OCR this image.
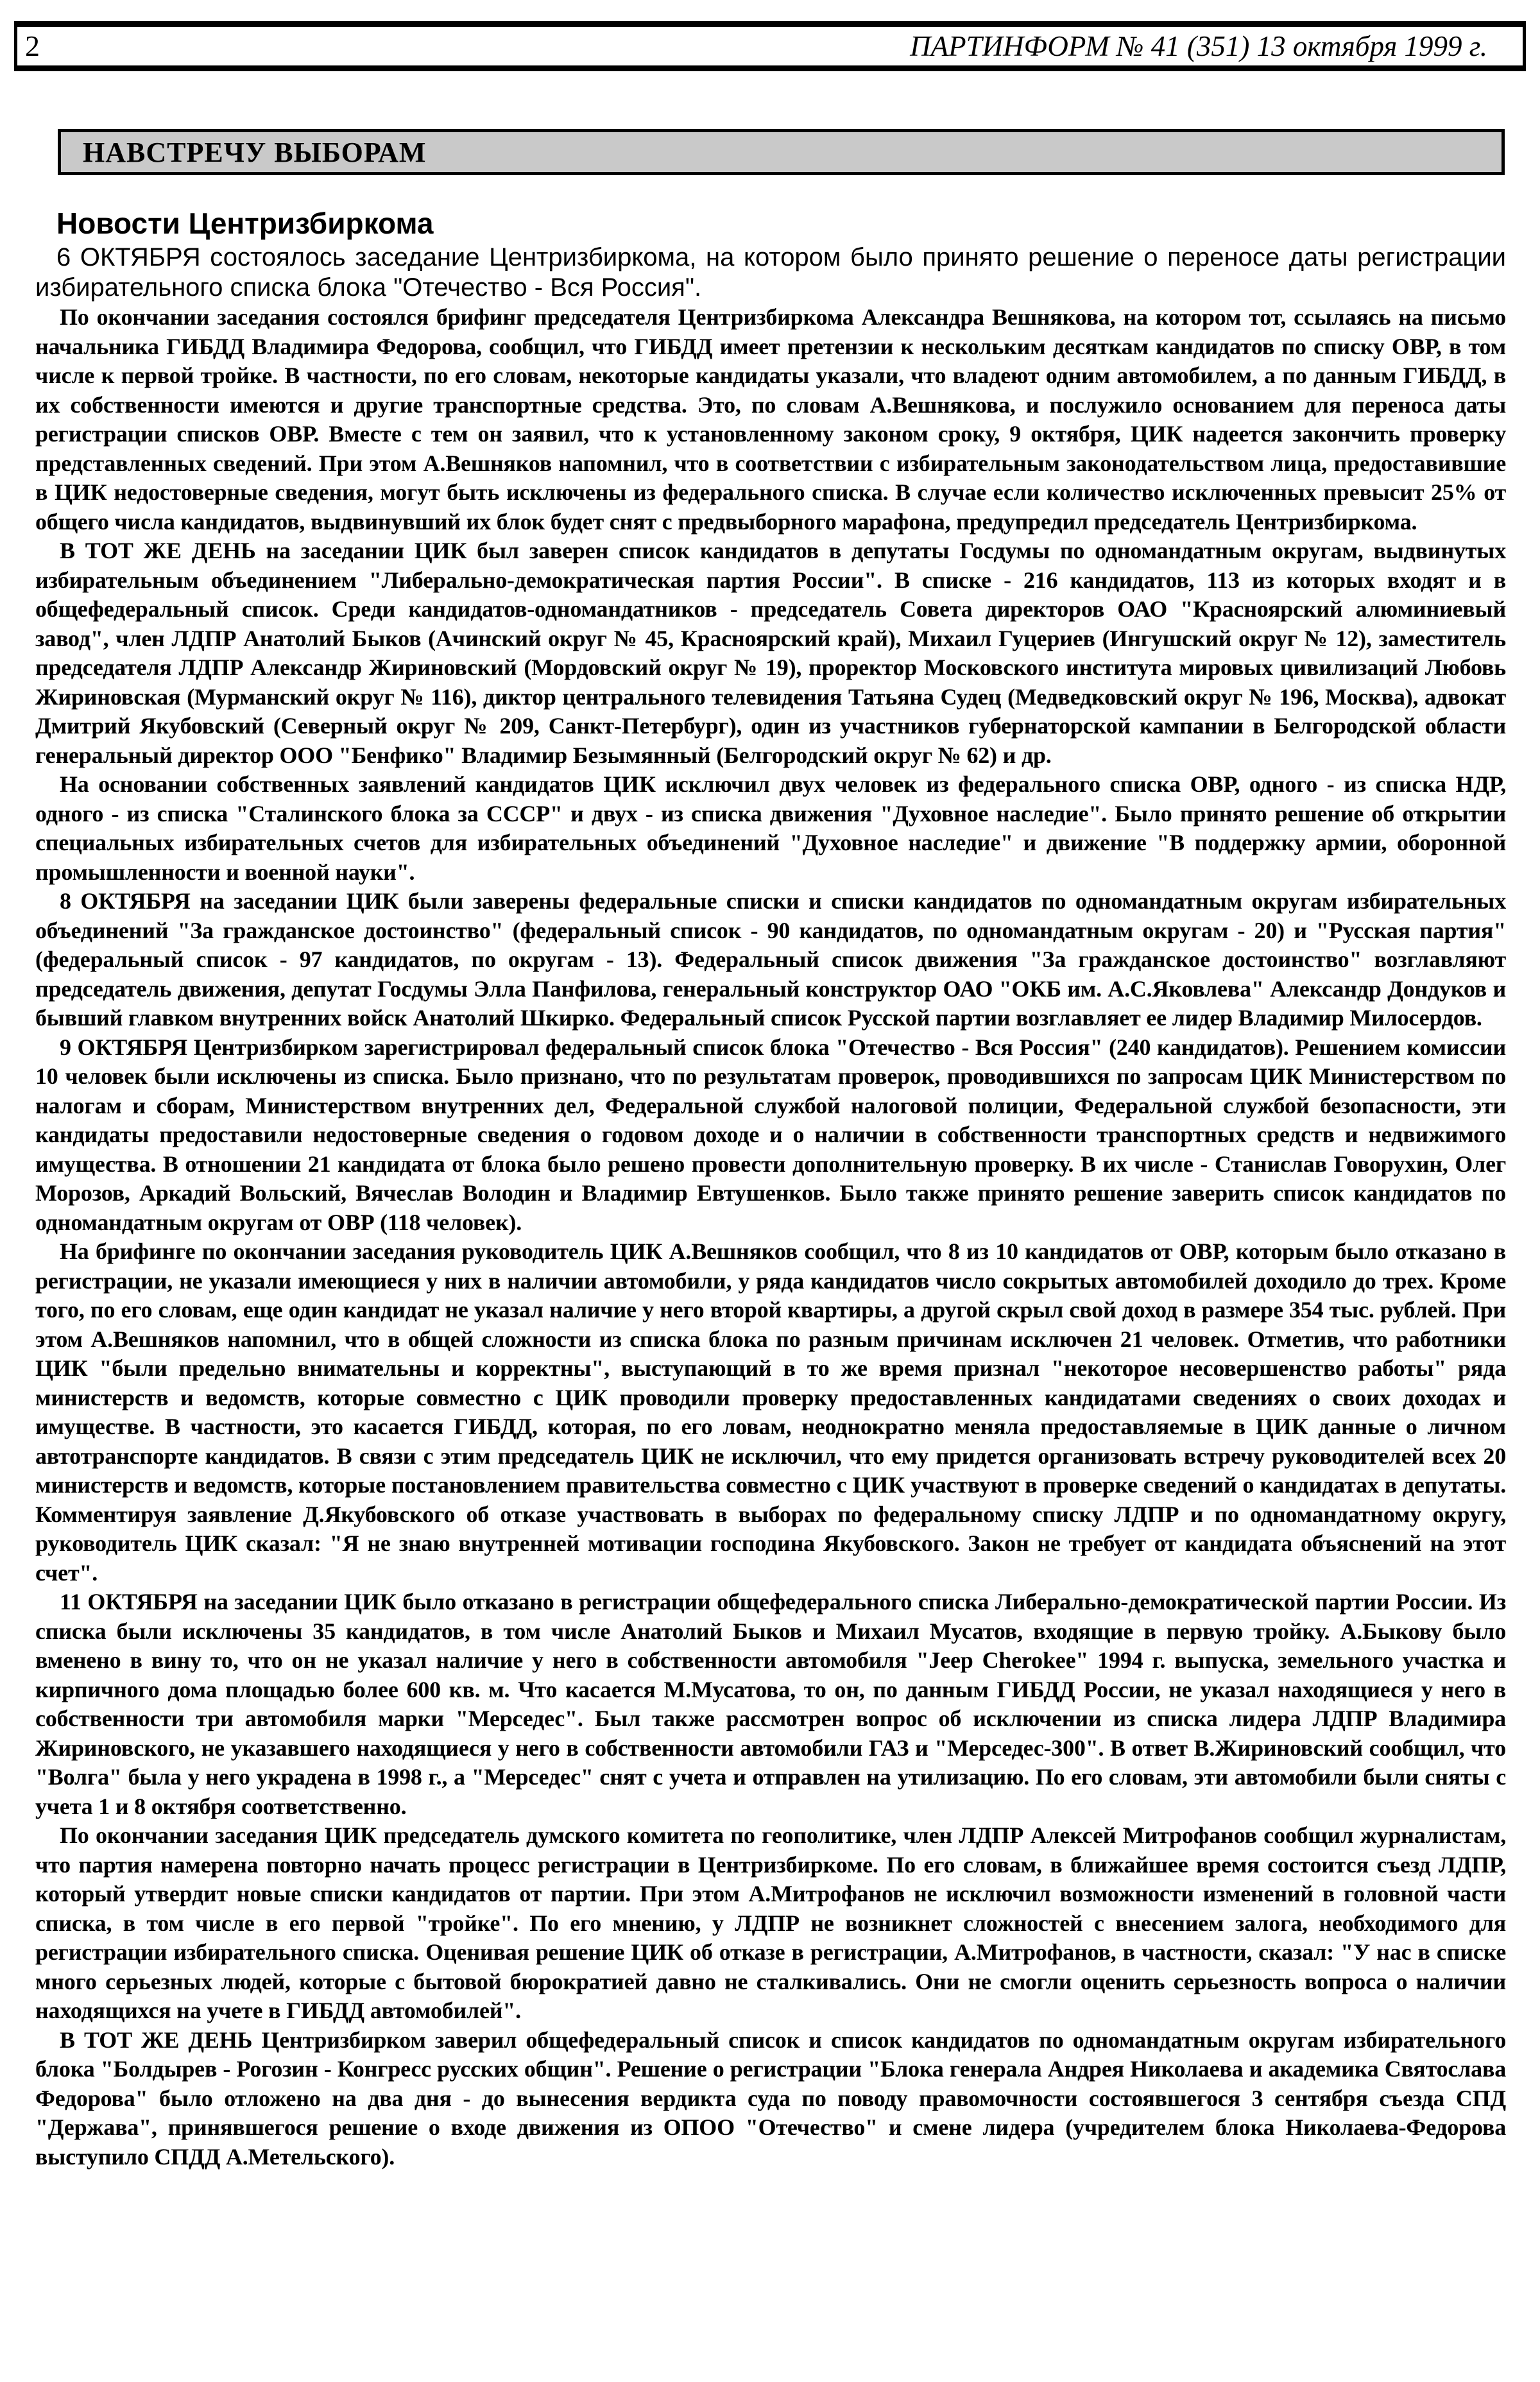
2	ПАРТИНФОРМ № 41 (351) 13 октября 1999 г.
НАВСТРЕЧУ ВЫБОРАМ
Новости Центризбиркома

6 ОКТЯБРЯ состоялось заседание Центризбиркома, на котором было принято решение о переносе даты регистрации избирательного списка блока "Отечество - Вся Россия".

По окончании заседания состоялся брифинг председателя Центризбиркома Александра Вешнякова, на котором тот, ссылаясь на письмо начальника ГИБДД Владимира Федорова, сообщил, что ГИБДД имеет претензии к нескольким десяткам кандидатов по списку ОВР, в том числе к первой тройке. В частности, по его словам, некоторые кандидаты указали, что владеют одним автомобилем, а по данным ГИБДД, в их собственности имеются и другие транспортные средства. Это, по словам А.Вешнякова, и послужило основанием для переноса даты регистрации списков ОВР. Вместе с тем он заявил, что к установленному законом сроку, 9 октября, ЦИК надеется закончить проверку представленных сведений. При этом А.Вешняков напомнил, что в соответствии с избирательным законодательством лица, предоставившие в ЦИК недостоверные сведения, могут быть исключены из федерального списка. В случае если количество исключенных превысит 25% от общего числа кандидатов, выдвинувший их блок будет снят с предвыборного марафона, предупредил председатель Центризбиркома.

В ТОТ ЖЕ ДЕНЬ на заседании ЦИК был заверен список кандидатов в депутаты Госдумы по одномандатным округам, выдвинутых избирательным объединением "Либерально-демократическая партия России". В списке - 216 кандидатов, 113 из которых входят и в общефедеральный список. Среди кандидатов-одномандатников - председатель Совета директоров ОАО "Красноярский алюминиевый завод", член ЛДПР Анатолий Быков (Ачинский округ № 45, Красноярский край), Михаил Гуцериев (Ингушский округ № 12), заместитель председателя ЛДПР Александр Жириновский (Мордовский округ № 19), проректор Московского института мировых цивилизаций Любовь Жириновская (Мурманский округ № 116), диктор центрального телевидения Татьяна Судец (Медведковский округ № 196, Москва), адвокат Дмитрий Якубовский (Северный округ № 209, Санкт-Петербург), один из участников губернаторской кампании в Белгородской области генеральный директор ООО "Бенфико" Владимир Безымянный (Белгородский округ № 62) и др.

На основании собственных заявлений кандидатов ЦИК исключил двух человек из федерального списка ОВР, одного - из списка НДР, одного - из списка "Сталинского блока за СССР" и двух - из списка движения "Духовное наследие". Было принято решение об открытии специальных избирательных счетов для избирательных объединений "Духовное наследие" и движение "В поддержку армии, оборонной промышленности и военной науки".

8 ОКТЯБРЯ на заседании ЦИК были заверены федеральные списки и списки кандидатов по одномандатным округам избирательных объединений "За гражданское достоинство" (федеральный список - 90 кандидатов, по одномандатным округам - 20) и "Русская партия" (федеральный список - 97 кандидатов, по округам - 13). Федеральный список движения "За гражданское достоинство" возглавляют председатель движения, депутат Госдумы Элла Панфилова, генеральный конструктор ОАО "ОКБ им. А.С.Яковлева" Александр Дондуков и бывший главком внутренних войск Анатолий Шкирко. Федеральный список Русской партии возглавляет ее лидер Владимир Милосердов.

9 ОКТЯБРЯ Центризбирком зарегистрировал федеральный список блока "Отечество - Вся Россия" (240 кандидатов). Решением комиссии 10 человек были исключены из списка. Было признано, что по результатам проверок, проводившихся по запросам ЦИК Министерством по налогам и сборам, Министерством внутренних дел, Федеральной службой налоговой полиции, Федеральной службой безопасности, эти кандидаты предоставили недостоверные сведения о годовом доходе и о наличии в собственности транспортных средств и недвижимого имущества. В отношении 21 кандидата от блока было решено провести дополнительную проверку. В их числе - Станислав Говорухин, Олег Морозов, Аркадий Вольский, Вячеслав Володин и Владимир Евтушенков. Было также принято решение заверить список кандидатов по одномандатным округам от ОВР (118 человек).

На брифинге по окончании заседания руководитель ЦИК А.Вешняков сообщил, что 8 из 10 кандидатов от ОВР, которым было отказано в регистрации, не указали имеющиеся у них в наличии автомобили, у ряда кандидатов число сокрытых автомобилей доходило до трех. Кроме того, по его словам, еще один кандидат не указал наличие у него второй квартиры, а другой скрыл свой доход в размере 354 тыс. рублей. При этом А.Вешняков напомнил, что в общей сложности из списка блока по разным причинам исключен 21 человек. Отметив, что работники ЦИК "были предельно внимательны и корректны", выступающий в то же время признал "некоторое несовершенство работы" ряда министерств и ведомств, которые совместно с ЦИК проводили проверку предоставленных кандидатами сведениях о своих доходах и имуществе. В частности, это касается ГИБДД, которая, по его ловам, неоднократно меняла предоставляемые в ЦИК данные о личном автотранспорте кандидатов. В связи с этим председатель ЦИК не исключил, что ему придется организовать встречу руководителей всех 20 министерств и ведомств, которые постановлением правительства совместно с ЦИК участвуют в проверке сведений о кандидатах в депутаты. Комментируя заявление Д.Якубовского об отказе участвовать в выборах по федеральному списку ЛДПР и по одномандатному округу, руководитель ЦИК сказал: "Я не знаю внутренней мотивации господина Якубовского. Закон не требует от кандидата объяснений на этот счет".

11 ОКТЯБРЯ на заседании ЦИК было отказано в регистрации общефедерального списка Либерально-демократической партии России. Из списка были исключены 35 кандидатов, в том числе Анатолий Быков и Михаил Мусатов, входящие в первую тройку. А.Быкову было вменено в вину то, что он не указал наличие у него в собственности автомобиля "Jeep Cherokee" 1994 г. выпуска, земельного участка и кирпичного дома площадью более 600 кв. м. Что касается М.Мусатова, то он, по данным ГИБДД России, не указал находящиеся у него в собственности три автомобиля марки "Мерседес". Был также рассмотрен вопрос об исключении из списка лидера ЛДПР Владимира Жириновского, не указавшего находящиеся у него в собственности автомобили ГАЗ и "Мерседес-300". В ответ В.Жириновский сообщил, что "Волга" была у него украдена в 1998 г., а "Мерседес" снят с учета и отправлен на утилизацию. По его словам, эти автомобили были сняты с учета 1 и 8 октября соответственно.

По окончании заседания ЦИК председатель думского комитета по геополитике, член ЛДПР Алексей Митрофанов сообщил журналистам, что партия намерена повторно начать процесс регистрации в Центризбиркоме. По его словам, в ближайшее время состоится съезд ЛДПР, который утвердит новые списки кандидатов от партии. При этом А.Митрофанов не исключил возможности изменений в головной части списка, в том числе в его первой "тройке". По его мнению, у ЛДПР не возникнет сложностей с внесением залога, необходимого для регистрации избирательного списка. Оценивая решение ЦИК об отказе в регистрации, А.Митрофанов, в частности, сказал: "У нас в списке много серьезных людей, которые с бытовой бюрократией давно не сталкивались. Они не смогли оценить серьезность вопроса о наличии находящихся на учете в ГИБДД автомобилей".

В ТОТ ЖЕ ДЕНЬ Центризбирком заверил общефедеральный список и список кандидатов по одномандатным округам избирательного блока "Болдырев - Рогозин - Конгресс русских общин". Решение о регистрации "Блока генерала Андрея Николаева и академика Святослава Федорова" было отложено на два дня - до вынесения вердикта суда по поводу правомочности состоявшегося 3 сентября съезда СПД "Держава", принявшегося решение о входе движения из ОПОО "Отечество" и смене лидера (учредителем блока Николаева-Федорова выступило СПДД А.Метельского).
